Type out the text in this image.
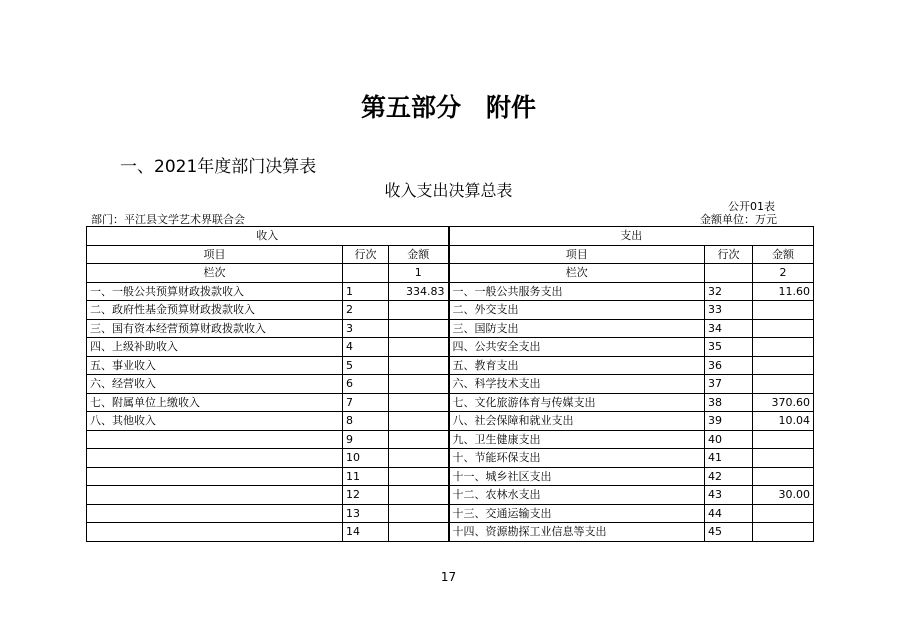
第五部分　附件
一、2021年度部门决算表
收入支出决算总表
公开01表
部门：平江县文学艺术界联合会	金额单位：万元
收入			支出		
项目	行次	金额	项目	行次	金额
栏次		1	栏次		2
一、一般公共预算财政拨款收入	1	334.83	一、一般公共服务支出	32	11.60
二、政府性基金预算财政拨款收入	2		二、外交支出	33	
三、国有资本经营预算财政拨款收入	3		三、国防支出	34	
四、上级补助收入	4		四、公共安全支出	35	
五、事业收入	5		五、教育支出	36	
六、经营收入	6		六、科学技术支出	37	
七、附属单位上缴收入	7		七、文化旅游体育与传媒支出	38	370.60
八、其他收入	8		八、社会保障和就业支出	39	10.04
	9		九、卫生健康支出	40	
	10		十、节能环保支出	41	
	11		十一、城乡社区支出	42	
	12		十二、农林水支出	43	30.00
	13		十三、交通运输支出	44	
	14		十四、资源勘探工业信息等支出	45	
17
